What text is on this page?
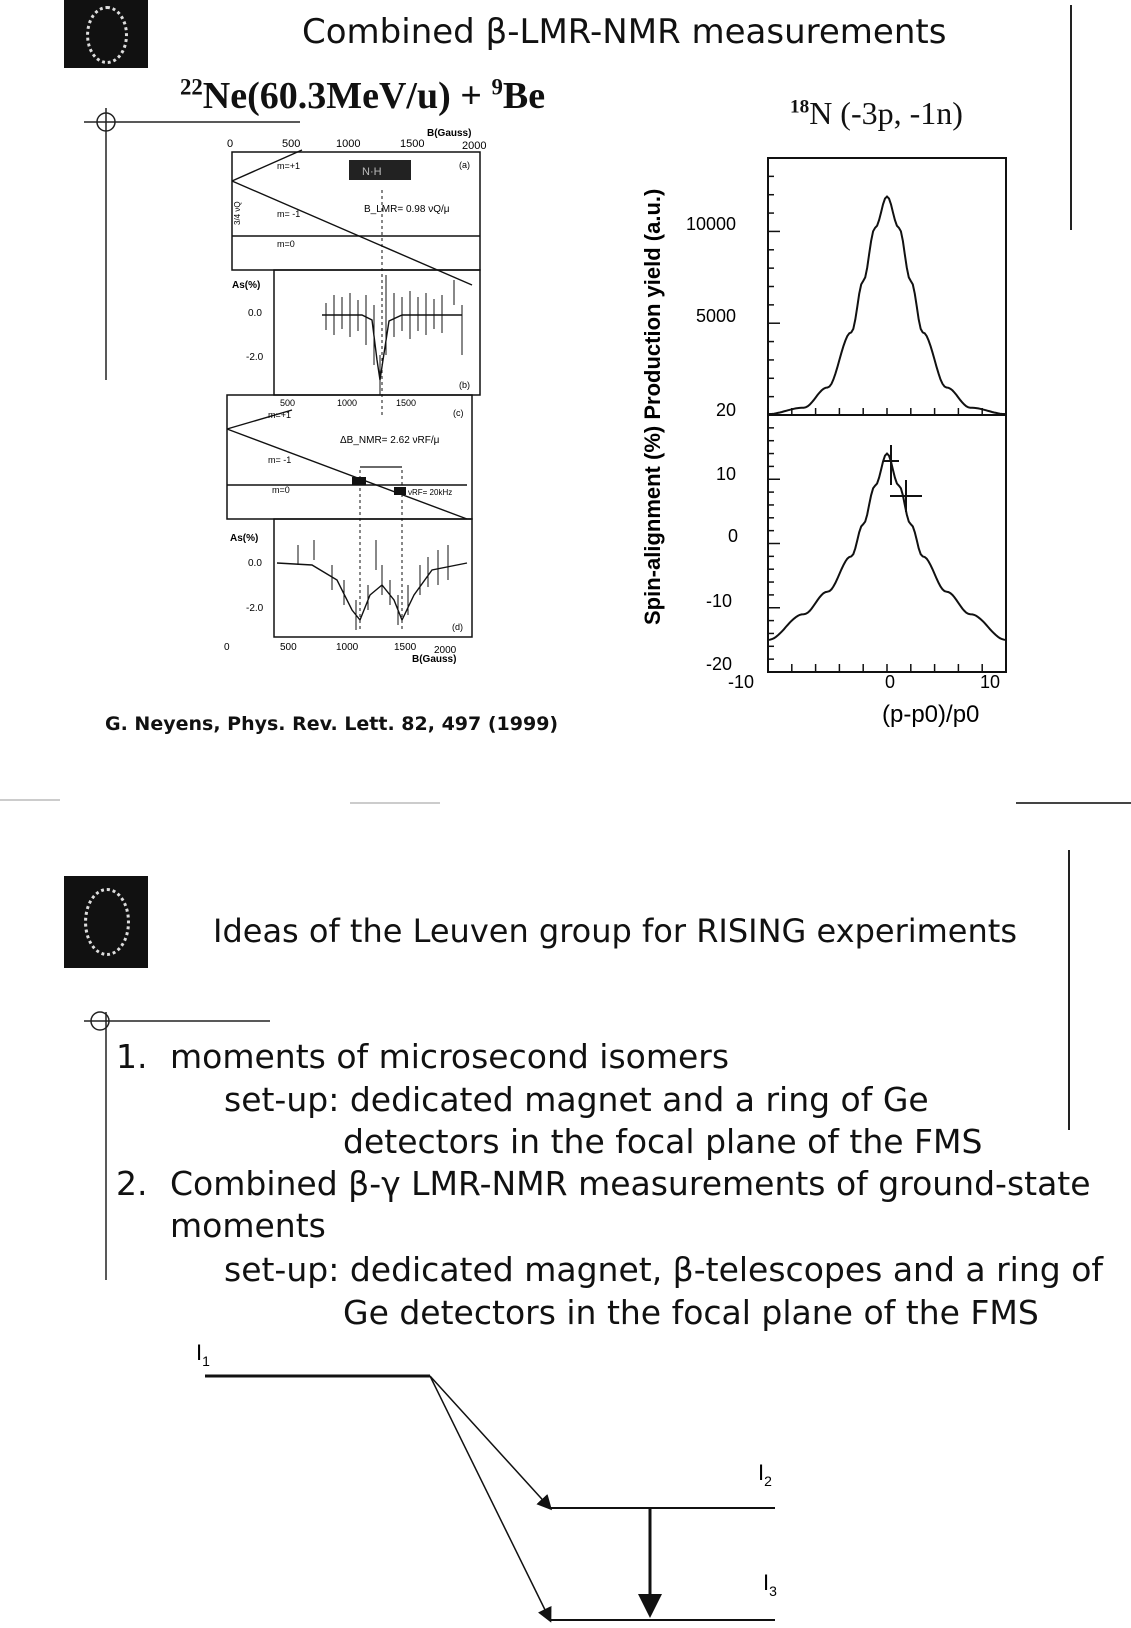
Combined β-LMR-NMR measurements
$^{22}$Ne(60.3MeV/u) + $^9$Be	$^{18}$N (-3p, -1n)
B(Gauss)
0	500	1000	1500	2000
N·H
(a)
m=+1
m= -1
m=0
B_LMR= 0.98 νQ/μ
3/4 νQ
As(%)
0.0
-2.0
(b)
500	1000	1500
(c)
m=+1
m= -1
m=0
ΔB_NMR= 2.62 νRF/μ
νRF= 20kHz
As(%)
0.0
-2.0
(d)
0	500	1000	1500 2000
B(Gauss)
G. Neyens, Phys. Rev. Lett. 82, 497 (1999)
10000
5000
20
10
0
-10
-20
-10	0	10
Spin-alignment (%) Production yield (a.u.)
(p-p0)/p0
Ideas of the Leuven group for RISING experiments
1. moments of microsecond isomers
set-up: dedicated magnet and a ring of Ge
detectors in the focal plane of the FMS
2. Combined β-γ LMR-NMR measurements of ground-state
moments
set-up: dedicated magnet, β-telescopes and a ring of
Ge detectors in the focal plane of the FMS
$I_1$
$I_2$
$I_3$
